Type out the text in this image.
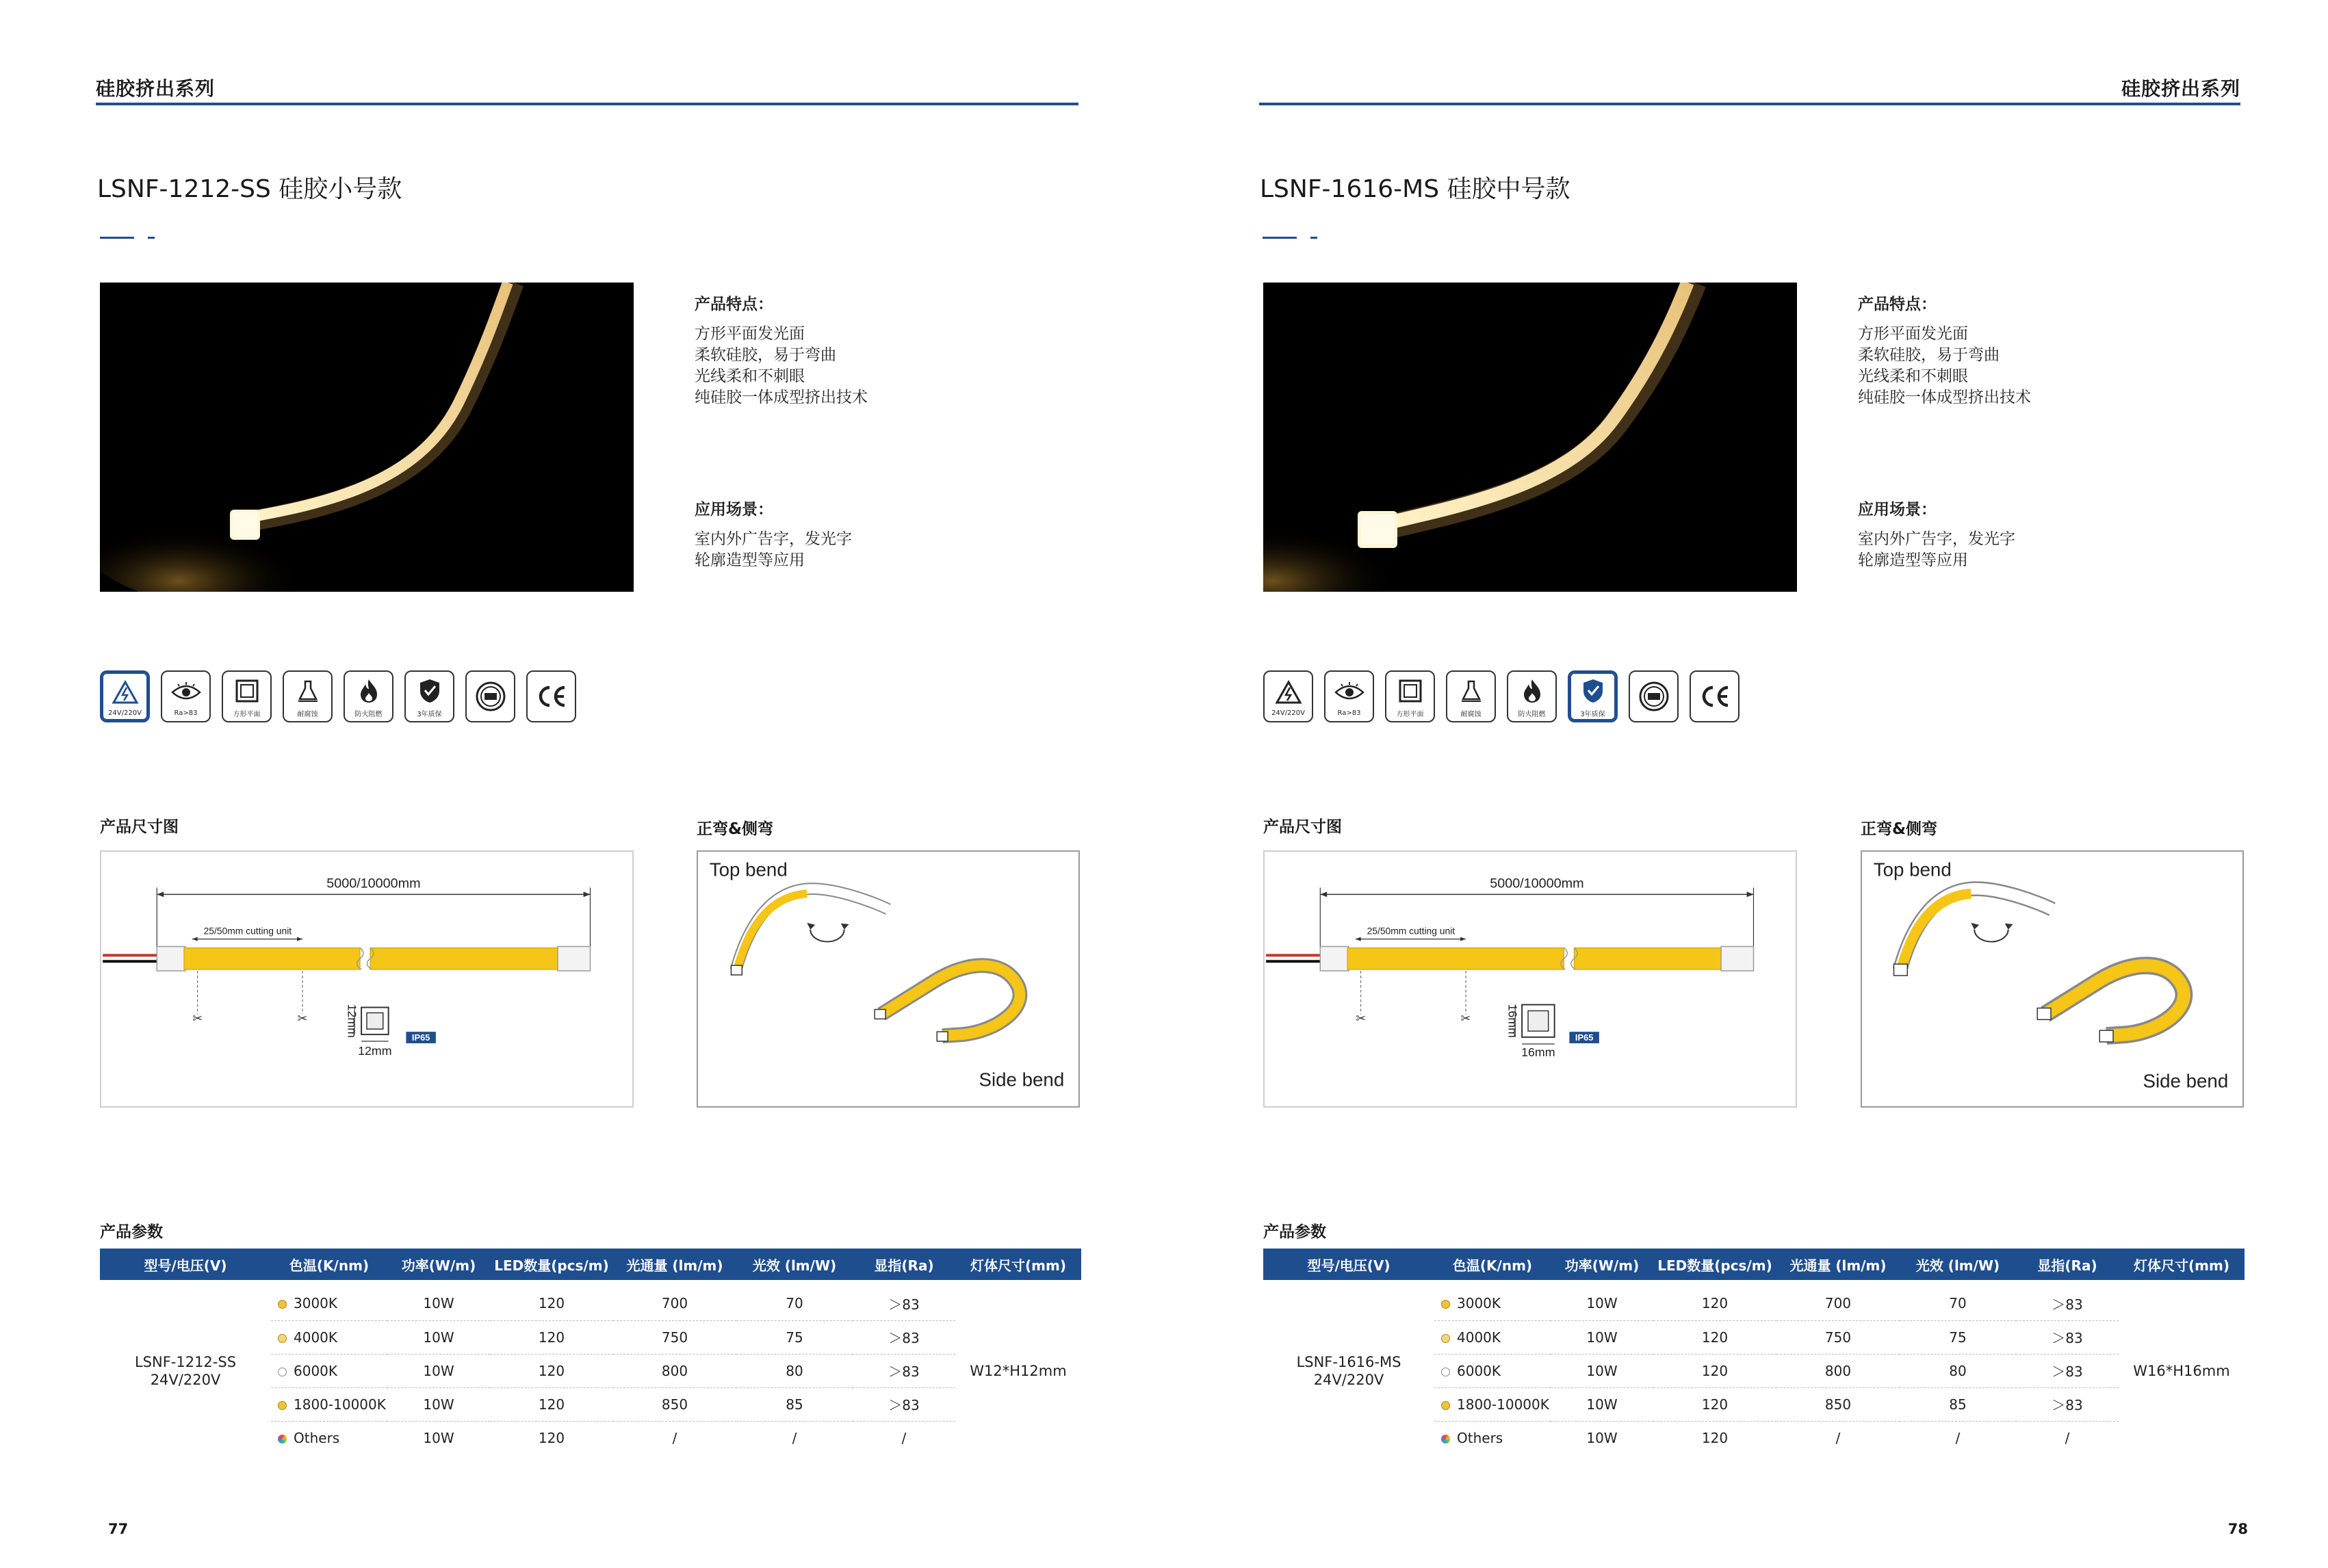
硅胶挤出系列
LSNF-1212-SS 硅胶小号款
产品特点：
方形平面发光面
柔软硅胶，易于弯曲
光线柔和不刺眼
纯硅胶一体成型挤出技术
应用场景：
室内外广告字，发光字
轮廓造型等应用
24V/220V	Ra>83	方形平面	耐腐蚀	防火阻燃	3年质保
产品尺寸图	正弯&侧弯
5000/10000mm
25/50mm cutting unit
✂	✂	12mm
12mm
IP65
Top bend
Side bend
产品参数
型号/电压(V)	色温(K/nm)	功率(W/m)	LED数量(pcs/m)	光通量 (lm/m)	光效 (lm/W)	显指(Ra)	灯体尺寸(mm)

LSNF-1212-SS
24V/220V	3000K	10W	120	700	70	＞83	W12*H12mm
	4000K	10W	120	750	75	＞83	
	6000K	10W	120	800	80	＞83	
	1800-10000K	10W	120	850	85	＞83	
	Others	10W	120	/	/	/	
77
硅胶挤出系列
LSNF-1616-MS 硅胶中号款
产品特点：
方形平面发光面
柔软硅胶，易于弯曲
光线柔和不刺眼
纯硅胶一体成型挤出技术
应用场景：
室内外广告字，发光字
轮廓造型等应用
24V/220V	Ra>83	方形平面	耐腐蚀	防火阻燃	3年质保
产品尺寸图	正弯&侧弯
5000/10000mm
25/50mm cutting unit
✂	✂	16mm
16mm
IP65
Top bend
Side bend
产品参数
型号/电压(V)	色温(K/nm)	功率(W/m)	LED数量(pcs/m)	光通量 (lm/m)	光效 (lm/W)	显指(Ra)	灯体尺寸(mm)

LSNF-1616-MS
24V/220V	3000K	10W	120	700	70	＞83	W16*H16mm
	4000K	10W	120	750	75	＞83	
	6000K	10W	120	800	80	＞83	
	1800-10000K	10W	120	850	85	＞83	
	Others	10W	120	/	/	/	
78
